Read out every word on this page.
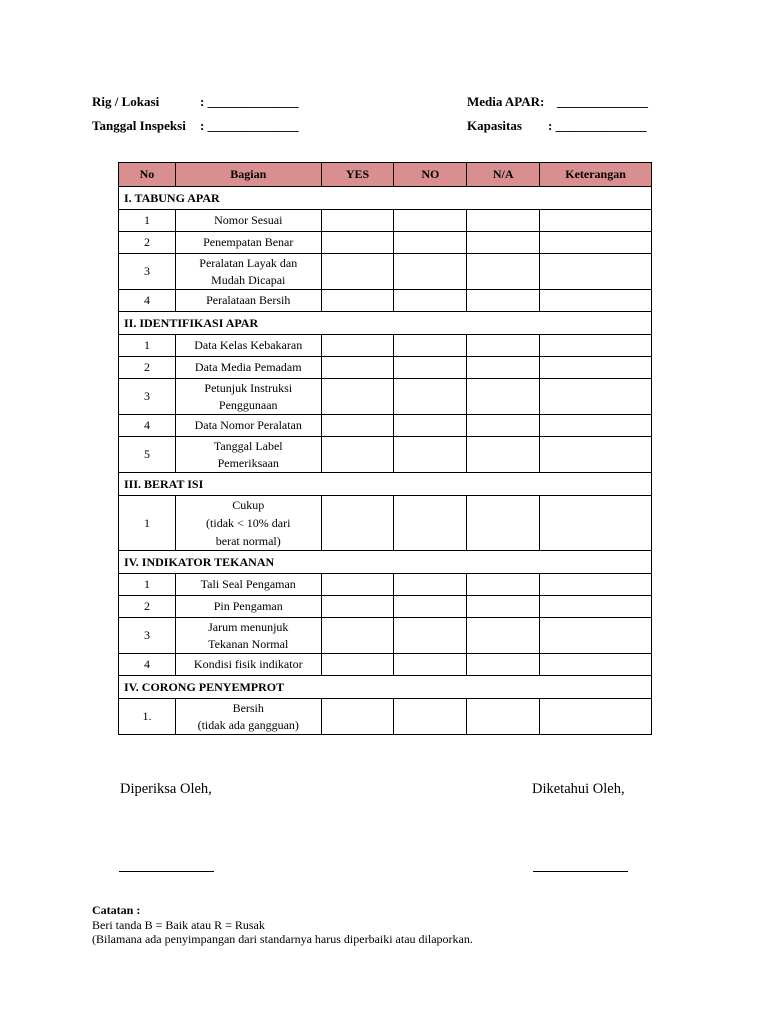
Rig / Lokasi	: ______________
Tanggal Inspeksi : ______________
Media APAR: ______________
Kapasitas : ______________
No	Bagian	YES	NO	N/A	Keterangan
I. TABUNG APAR					
1	Nomor Sesuai				

2	Penempatan Benar				

3	Peralatan Layak dan
Mudah Dicapai				

4	Peralataan Bersih				

II. IDENTIFIKASI APAR					
1	Data Kelas Kebakaran				

2	Data Media Pemadam				

3	Petunjuk Instruksi
Penggunaan				

4	Data Nomor Peralatan				

5	Tanggal Label
Pemeriksaan				

III. BERAT ISI					
1	Cukup
(tidak < 10% dari
berat normal)				

IV. INDIKATOR TEKANAN					
1	Tali Seal Pengaman				

2	Pin Pengaman				

3	Jarum menunjuk
Tekanan Normal				

4	Kondisi fisik indikator				

IV. CORONG PENYEMPROT					
1.	Bersih
(tidak ada gangguan)				

Diperiksa Oleh,	Diketahui Oleh,
Catatan :
Beri tanda B = Baik atau R = Rusak
(Bilamana ada penyimpangan dari standarnya harus diperbaiki atau dilaporkan.
